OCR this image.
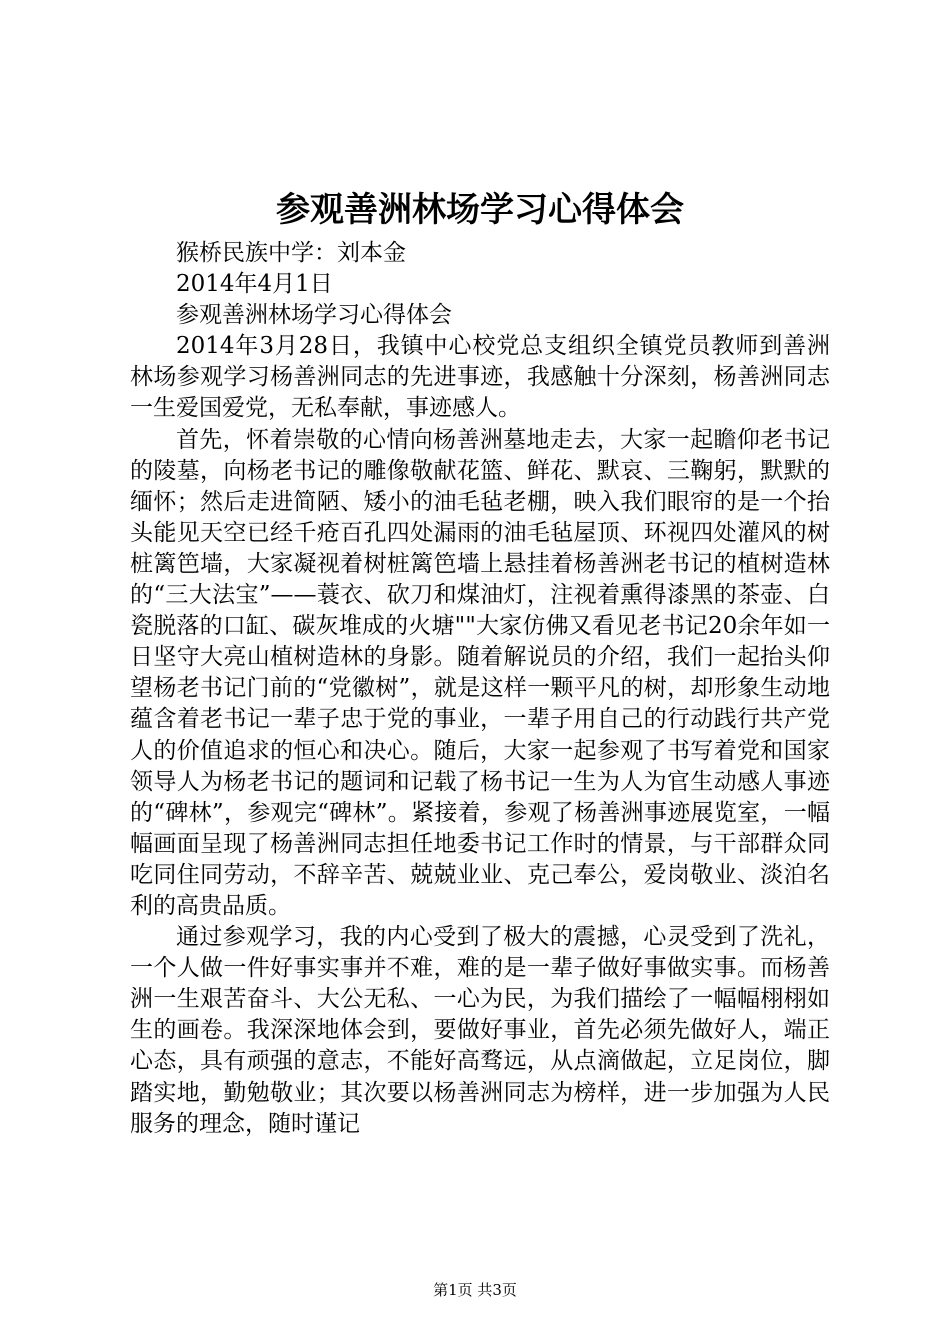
参观善洲林场学习心得体会

猴桥民族中学：刘本金

2014年4月1日

参观善洲林场学习心得体会

2014年3月28日，我镇中心校党总支组织全镇党员教师到善洲林场参观学习杨善洲同志的先进事迹，我感触十分深刻，杨善洲同志一生爱国爱党，无私奉献，事迹感人。

首先，怀着崇敬的心情向杨善洲墓地走去，大家一起瞻仰老书记的陵墓，向杨老书记的雕像敬献花篮、鲜花、默哀、三鞠躬，默默的缅怀；然后走进简陋、矮小的油毛毡老棚，映入我们眼帘的是一个抬头能见天空已经千疮百孔四处漏雨的油毛毡屋顶、环视四处灌风的树桩篱笆墙，大家凝视着树桩篱笆墙上悬挂着杨善洲老书记的植树造林的“三大法宝”——蓑衣、砍刀和煤油灯，注视着熏得漆黑的茶壶、白瓷脱落的口缸、碳灰堆成的火塘""大家仿佛又看见老书记20余年如一日坚守大亮山植树造林的身影。随着解说员的介绍，我们一起抬头仰望杨老书记门前的“党徽树”，就是这样一颗平凡的树，却形象生动地蕴含着老书记一辈子忠于党的事业，一辈子用自己的行动践行共产党人的价值追求的恒心和决心。随后，大家一起参观了书写着党和国家领导人为杨老书记的题词和记载了杨书记一生为人为官生动感人事迹的“碑林”，参观完“碑林”。紧接着，参观了杨善洲事迹展览室，一幅幅画面呈现了杨善洲同志担任地委书记工作时的情景，与干部群众同吃同住同劳动，不辞辛苦、兢兢业业、克己奉公，爱岗敬业、淡泊名利的高贵品质。

通过参观学习，我的内心受到了极大的震撼，心灵受到了洗礼，一个人做一件好事实事并不难，难的是一辈子做好事做实事。而杨善洲一生艰苦奋斗、大公无私、一心为民，为我们描绘了一幅幅栩栩如生的画卷。我深深地体会到，要做好事业，首先必须先做好人，端正心态，具有顽强的意志，不能好高骛远，从点滴做起，立足岗位，脚踏实地，勤勉敬业；其次要以杨善洲同志为榜样，进一步加强为人民服务的理念，随时谨记

第1页 共3页
